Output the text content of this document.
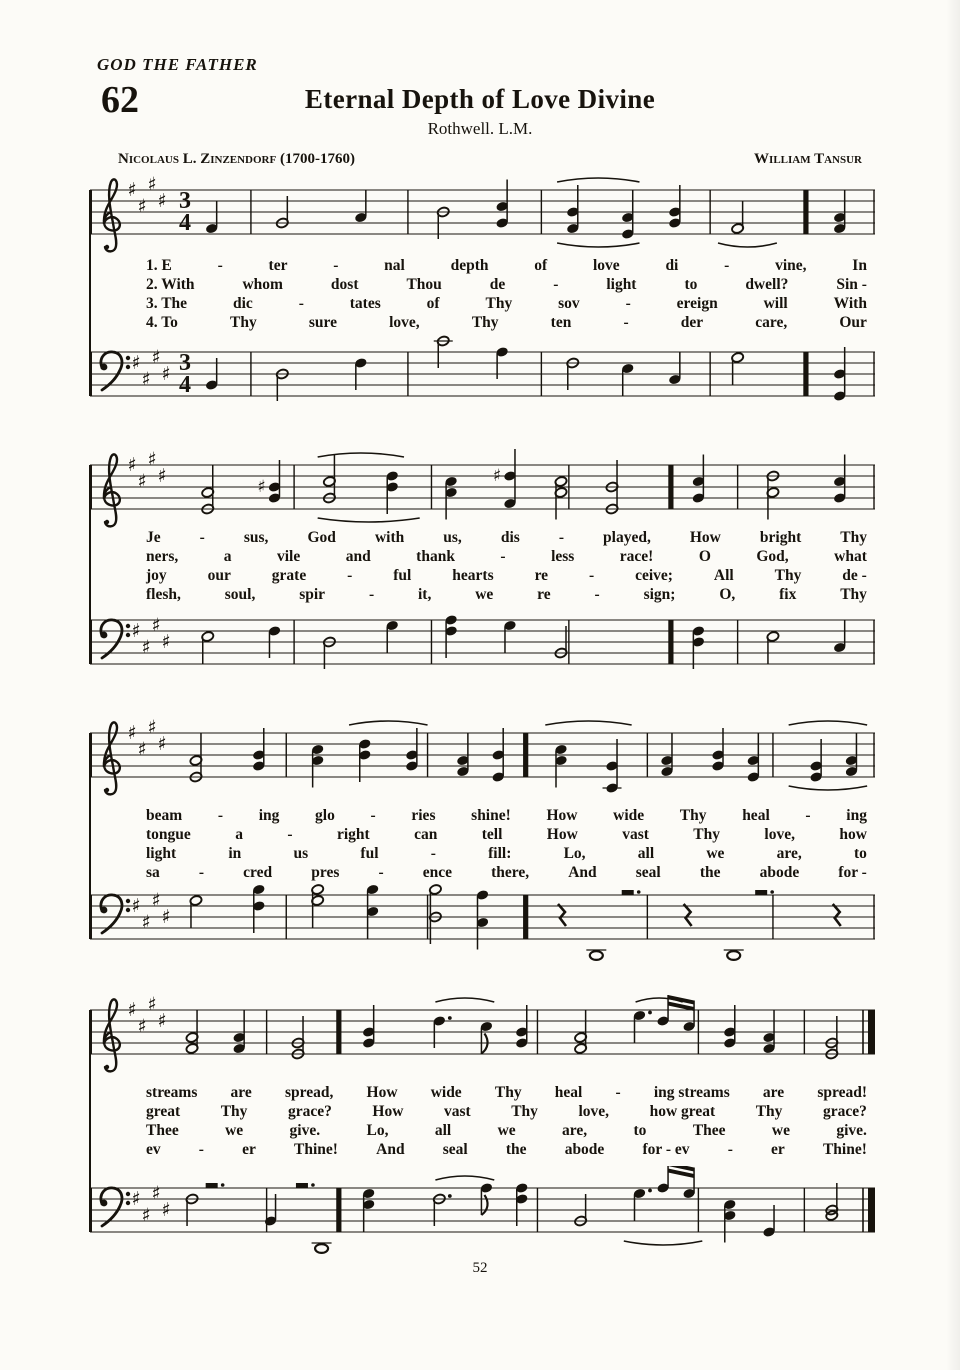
GOD THE FATHER
62	Eternal Depth of Love Divine
Rothwell. L.M.
Nicolaus L. Zinzendorf (1700-1760)	William Tansur
♯
♯
♯
♯ 3
4
1. E	-	ter	-	nal	depth	of	love	di	-	vine,	In
2. With	whom	dost	Thou	de	-	light	to	dwell?	Sin -
3. The	dic	-	tates	of	Thy	sov	-	ereign	will	With
4. To	Thy	sure	love,	Thy	ten	-	der	care,	Our
♯
♯
♯
♯ 3
4
♯
♯
♯
♯	♯
♯
Je	-	sus,	God	with	us,	dis	-	played,	How	bright	Thy
ners,	a	vile	and	thank	-	less	race!	O	God,	what
joy	our	grate	-	ful	hearts	re	-	ceive;	All	Thy	de -
flesh,	soul,	spir	-	it,	we	re	-	sign;	O,	fix	Thy
♯
♯
♯
♯
♯
♯
♯
♯
beam - ing glo - ries shine! How wide Thy heal - ing
tongue	a	-	right	can	tell	How	vast	Thy	love,	how
light	in	us	ful	-	fill:	Lo,	all	we	are,	to
sa	-	cred	pres	-	ence	there,	And	seal	the	abode	for -
♯
♯
♯
♯
♯
♯
♯
♯
streams are spread, How wide Thy heal - ing streams are spread!
great	Thy	grace?	How	vast	Thy	love,	how great	Thy	grace?
Thee	we	give.	Lo,	all	we	are,	to	Thee	we	give.
ev - er Thine! And seal the abode for - ev - er Thine!
♯
♯
♯
♯
52
